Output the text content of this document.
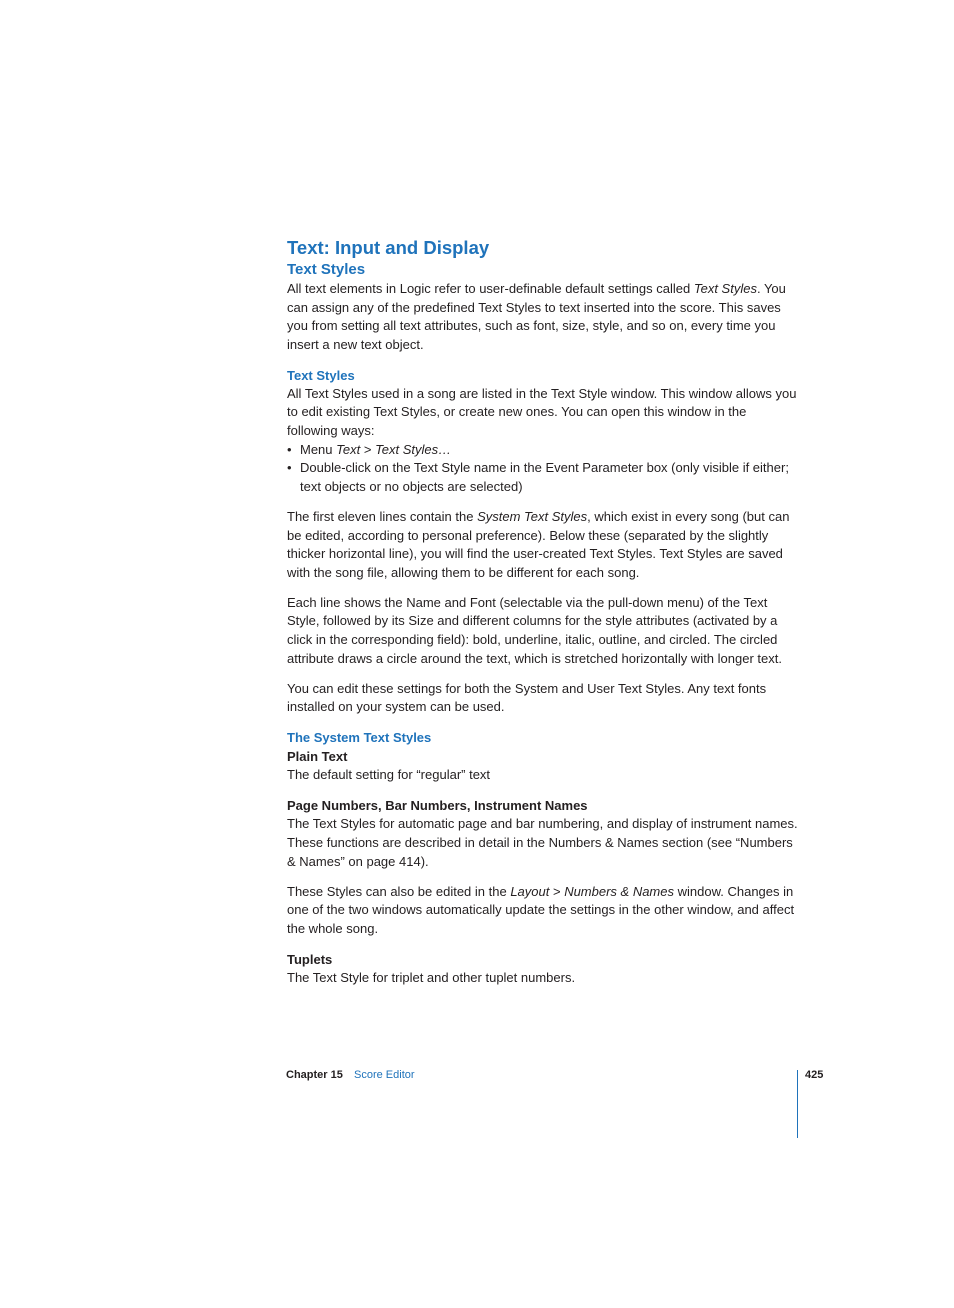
Text: Input and Display
Text Styles

All text elements in Logic refer to user-definable default settings called Text Styles. You can assign any of the predefined Text Styles to text inserted into the score. This saves you from setting all text attributes, such as font, size, style, and so on, every time you insert a new text object.

Text Styles

All Text Styles used in a song are listed in the Text Style window. This window allows you to edit existing Text Styles, or create new ones. You can open this window in the following ways:

• Menu Text > Text Styles…
• Double-click on the Text Style name in the Event Parameter box (only visible if either; text objects or no objects are selected)

The first eleven lines contain the System Text Styles, which exist in every song (but can be edited, according to personal preference). Below these (separated by the slightly thicker horizontal line), you will find the user-created Text Styles. Text Styles are saved with the song file, allowing them to be different for each song.

Each line shows the Name and Font (selectable via the pull-down menu) of the Text Style, followed by its Size and different columns for the style attributes (activated by a click in the corresponding field): bold, underline, italic, outline, and circled. The circled attribute draws a circle around the text, which is stretched horizontally with longer text.

You can edit these settings for both the System and User Text Styles. Any text fonts installed on your system can be used.

The System Text Styles
Plain Text

The default setting for “regular” text

Page Numbers, Bar Numbers, Instrument Names

The Text Styles for automatic page and bar numbering, and display of instrument names. These functions are described in detail in the Numbers & Names section (see “Numbers & Names” on page 414).

These Styles can also be edited in the Layout > Numbers & Names window. Changes in one of the two windows automatically update the settings in the other window, and affect the whole song.

Tuplets

The Text Style for triplet and other tuplet numbers.

Chapter 15 Score Editor	425
